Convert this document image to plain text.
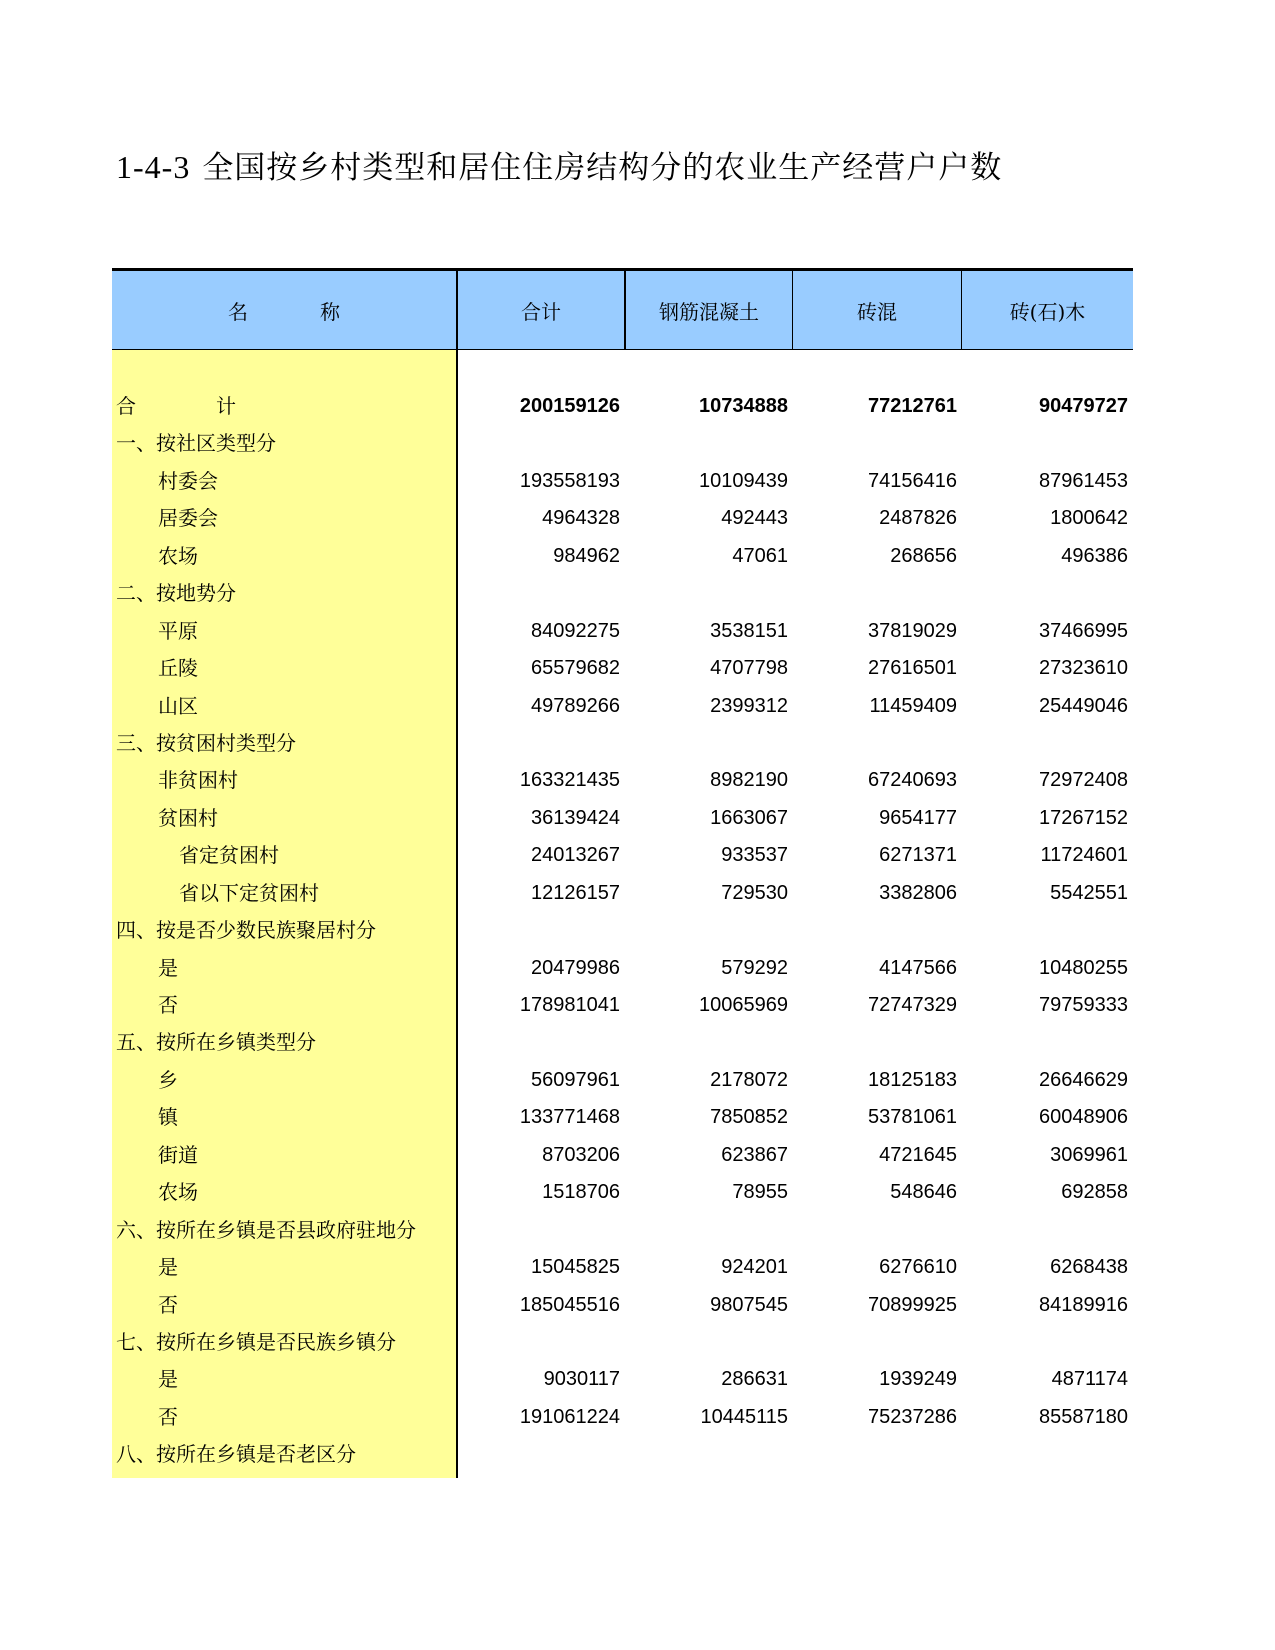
1-4-3 全国按乡村类型和居住住房结构分的农业生产经营户户数
名	称	合计	钢筋混凝土	砖混	砖(石)木
合　　　　计	200159126	10734888	77212761	90479727
一、按社区类型分
村委会	193558193	10109439	74156416	87961453
居委会	4964328	492443	2487826	1800642
农场	984962	47061	268656	496386
二、按地势分
平原	84092275	3538151	37819029	37466995
丘陵	65579682	4707798	27616501	27323610
山区	49789266	2399312	11459409	25449046
三、按贫困村类型分
非贫困村	163321435	8982190	67240693	72972408
贫困村	36139424	1663067	9654177	17267152
省定贫困村	24013267	933537	6271371	11724601
省以下定贫困村	12126157	729530	3382806	5542551
四、按是否少数民族聚居村分
是	20479986	579292	4147566	10480255
否	178981041	10065969	72747329	79759333
五、按所在乡镇类型分
乡	56097961	2178072	18125183	26646629
镇	133771468	7850852	53781061	60048906
街道	8703206	623867	4721645	3069961
农场	1518706	78955	548646	692858
六、按所在乡镇是否县政府驻地分
是	15045825	924201	6276610	6268438
否	185045516	9807545	70899925	84189916
七、按所在乡镇是否民族乡镇分
是	9030117	286631	1939249	4871174
否	191061224	10445115	75237286	85587180
八、按所在乡镇是否老区分
